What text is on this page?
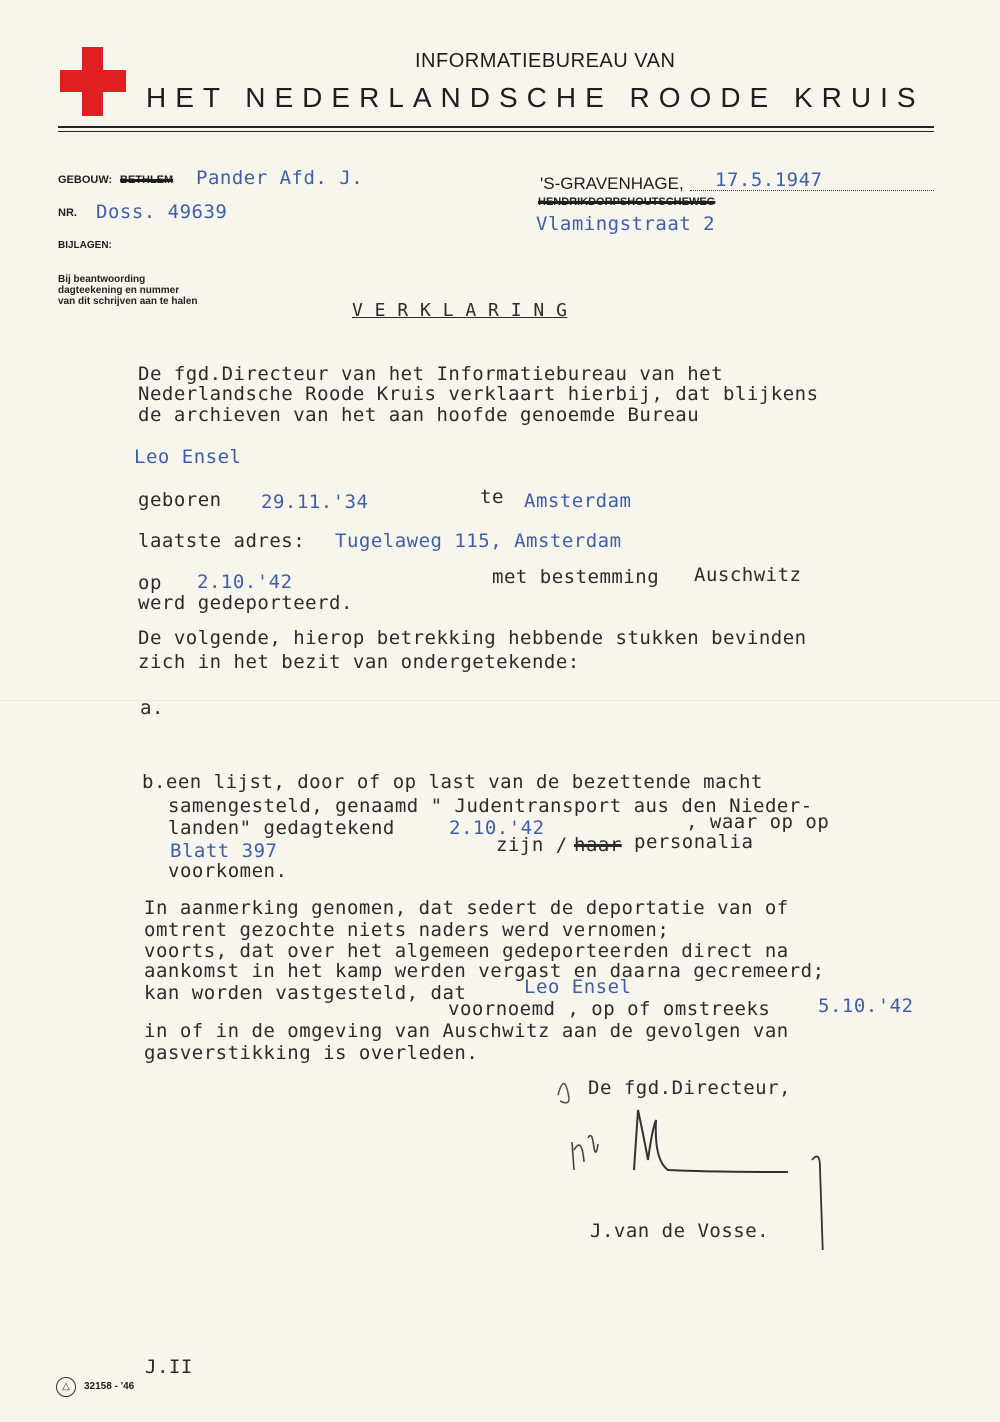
INFORMATIEBUREAU VAN
HET NEDERLANDSCHE ROODE KRUIS
GEBOUW: BETHLEM Pander Afd. J.
NR. Doss. 49639
BIJLAGEN:
Bij beantwoording
dagteekening en nummer
van dit schrijven aan te halen
'S-GRAVENHAGE, 17.5.1947
HENDRIKDORPSHOUTSCHEWEG
Vlamingstraat 2
V E R K L A R I N G
De fgd.Directeur van het Informatiebureau van het
Nederlandsche Roode Kruis verklaart hierbij, dat blijkens
de archieven van het aan hoofde genoemde Bureau
Leo Ensel
geboren 29.11.'34	te Amsterdam
laatste adres: Tugelaweg 115, Amsterdam
op 2.10.'42	met bestemming Auschwitz
werd gedeporteerd.
De volgende, hierop betrekking hebbende stukken bevinden
zich in het bezit van ondergetekende:
a.
b.een lijst, door of op last van de bezettende macht
samengesteld, genaamd " Judentransport aus den Nieder-
landen" gedagtekend	2.10.'42	, waar op op
Blatt 397	zijn / haar personalia
voorkomen.
In aanmerking genomen, dat sedert de deportatie van of
omtrent gezochte niets naders werd vernomen;
voorts, dat over het algemeen gedeporteerden direct na
aankomst in het kamp werden vergast en daarna gecremeerd;
kan worden vastgesteld, dat	Leo Ensel
voornoemd , op of omstreeks	5.10.'42
in of in de omgeving van Auschwitz aan de gevolgen van
gasverstikking is overleden.
De fgd.Directeur,
J.van de Vosse.
J.II
△	32158 - '46
